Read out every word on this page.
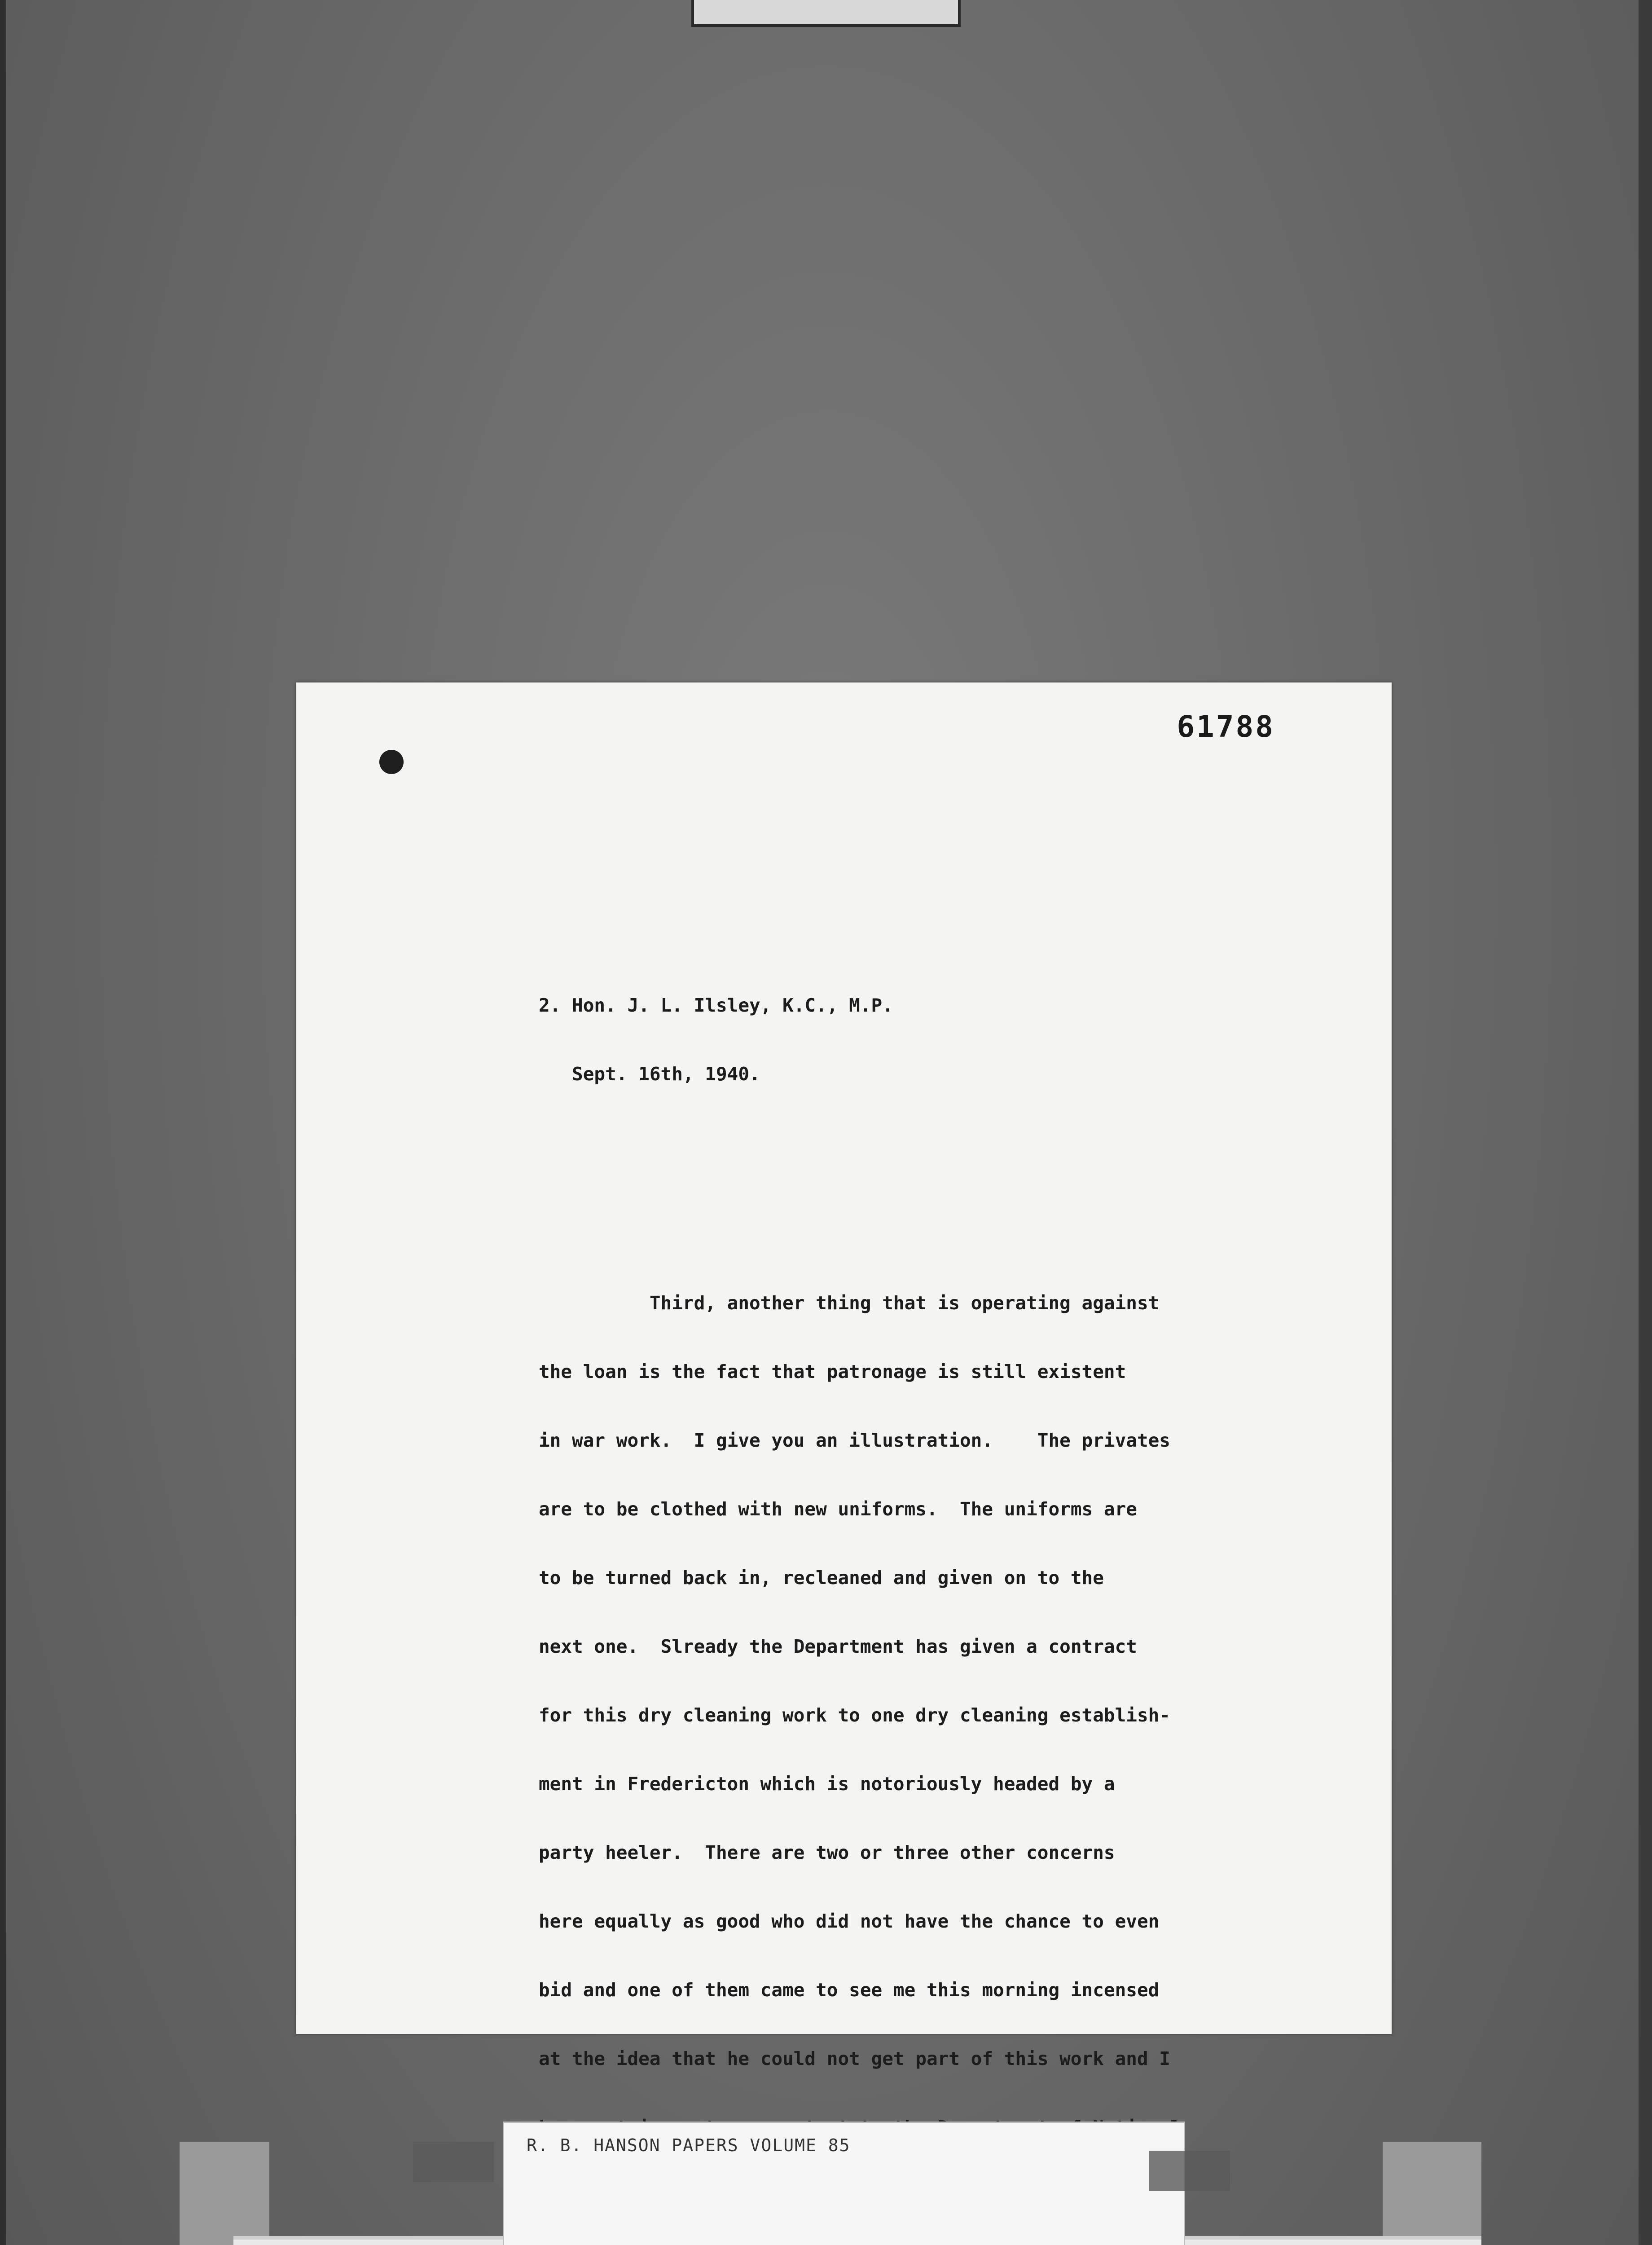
61788

2. Hon. J. L. Ilsley, K.C., M.P.

Sept. 16th, 1940.

Third, another thing that is operating against

the loan is the fact that patronage is still existent

in war work.  I give you an illustration.    The privates

are to be clothed with new uniforms.  The uniforms are

to be turned back in, recleaned and given on to the

next one.  Slready the Department has given a contract

for this dry cleaning work to one dry cleaning establish-

ment in Fredericton which is notoriously headed by a

party heeler.  There are two or three other concerns

here equally as good who did not have the chance to even

bid and one of them came to see me this morning incensed

at the idea that he could not get part of this work and I

R. B. HANSON PAPERS VOLUME 85
